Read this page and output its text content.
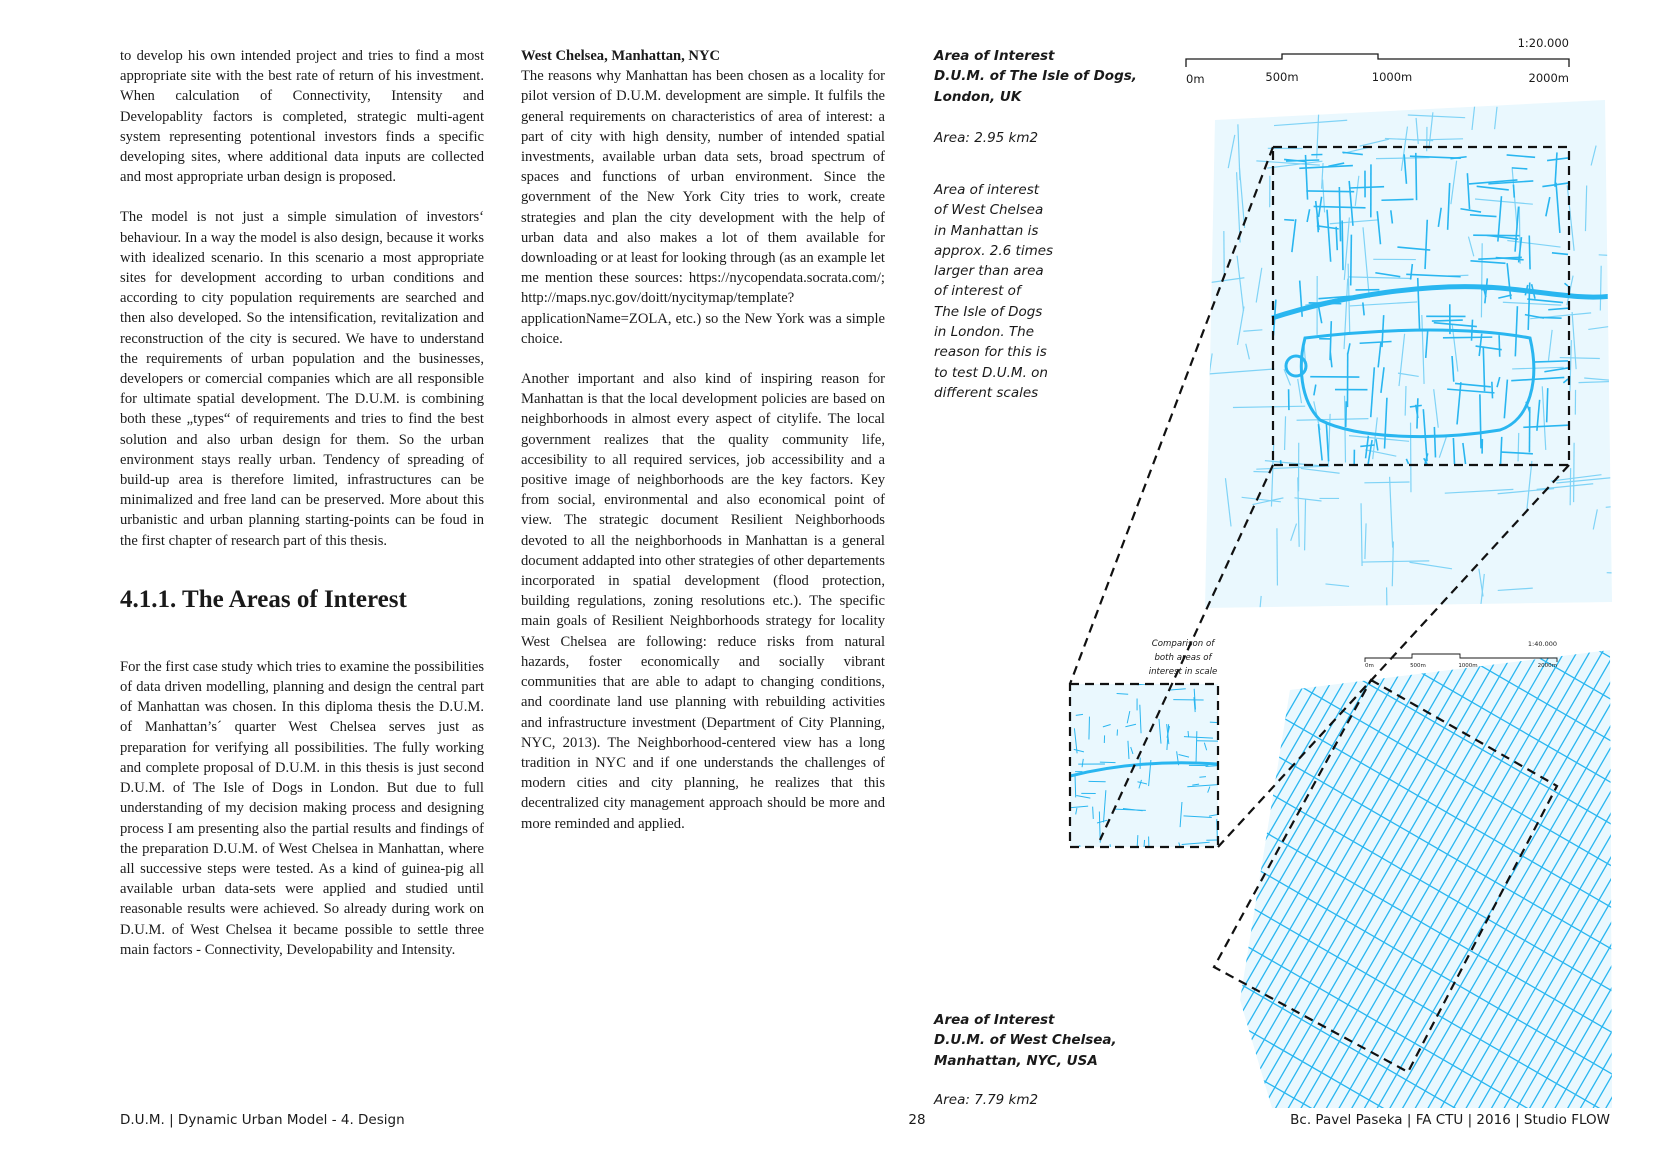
to develop his own intended project and tries to find a most appropriate site with the best rate of return of his investment. When calculation of Connectivity, Intensity and Developablity factors is completed, strategic multi-agent system representing potentional investors finds a specific developing sites, where additional data inputs are collected and most appropriate urban design is proposed.

The model is not just a simple simulation of investors‘ behaviour. In a way the model is also design, because it works with idealized scenario. In this scenario a most appropriate sites for development according to urban conditions and according to city population requirements are searched and then also developed. So the intensification, revitalization and reconstruction of the city is secured. We have to understand the requirements of urban population and the businesses, developers or comercial companies which are all responsible for ultimate spatial development. The D.U.M. is combining both these „types“ of requirements and tries to find the best solution and also urban design for them. So the urban environment stays really urban. Tendency of spreading of build-up area is therefore limited, infrastructures can be minimalized and free land can be preserved. More about this urbanistic and urban planning starting-points can be foud in the first chapter of research part of this thesis.

4.1.1. The Areas of Interest

For the first case study which tries to examine the possibilities of data driven modelling, planning and design the central part of Manhattan was chosen. In this diploma thesis the D.U.M. of Manhattan’s´ quarter West Chelsea serves just as preparation for verifying all possibilities. The fully working and complete proposal of D.U.M. in this thesis is just second D.U.M. of The Isle of Dogs in London. But due to full understanding of my decision making process and designing process I am presenting also the partial results and findings of the preparation D.U.M. of West Chelsea in Manhattan, where all successive steps were tested. As a kind of guinea-pig all available urban data-sets were applied and studied until reasonable results were achieved. So already during work on D.U.M. of West Chelsea it became possible to settle three main factors - Connectivity, Developability and Intensity.

West Chelsea, Manhattan, NYC
The reasons why Manhattan has been chosen as a locality for pilot version of D.U.M. development are simple. It fulfils the general requirements on characteristics of area of interest: a part of city with high density, number of intended spatial investments, available urban data sets, broad spectrum of spaces and functions of urban environment. Since the government of the New York City tries to work, create strategies and plan the city development with the help of urban data and also makes a lot of them available for downloading or at least for looking through (as an example let me mention these sources: https://nycopendata.socrata.com/; http://maps.nyc.gov/doitt/nycitymap/template?applicationName=ZOLA, etc.) so the New York was a simple choice.

Another important and also kind of inspiring reason for Manhattan is that the local development policies are based on neighborhoods in almost every aspect of citylife. The local government realizes that the quality community life, accesibility to all required services, job accessibility and a positive image of neighborhoods are the key factors. Key from social, environmental and also economical point of view. The strategic document Resilient Neighborhoods devoted to all the neighborhoods in Manhattan is a general document addapted into other strategies of other departements incorporated in spatial development (flood protection, building regulations, zoning resolutions etc.). The specific main goals of Resilient Neighborhoods strategy for locality West Chelsea are following: reduce risks from natural hazards, foster economically and socially vibrant communities that are able to adapt to changing conditions, and coordinate land use planning with rebuilding activities and infrastructure investment (Department of City Planning, NYC, 2013). The Neighborhood-centered view has a long tradition in NYC and if one understands the challenges of modern cities and city planning, he realizes that this decentralized city management approach should be more and more reminded and applied.

Area of Interest
D.U.M. of The Isle of Dogs,
London, UK
Area: 2.95 km2
Area of interest
of West Chelsea
in Manhattan is
approx. 2.6 times
larger than area
of interest of
The Isle of Dogs
in London. The
reason for this is
to test D.U.M. on
different scales
Area of Interest
D.U.M. of West Chelsea,
Manhattan, NYC, USA
Area: 7.79 km2
1:20.000
0m	500m	1000m	2000m
1:40.000
0m	500m	1000m	2000m
Comparison of
both areas of
interest in scale
D.U.M. | Dynamic Urban Model - 4. Design	28	Bc. Pavel Paseka | FA CTU | 2016 | Studio FLOW
